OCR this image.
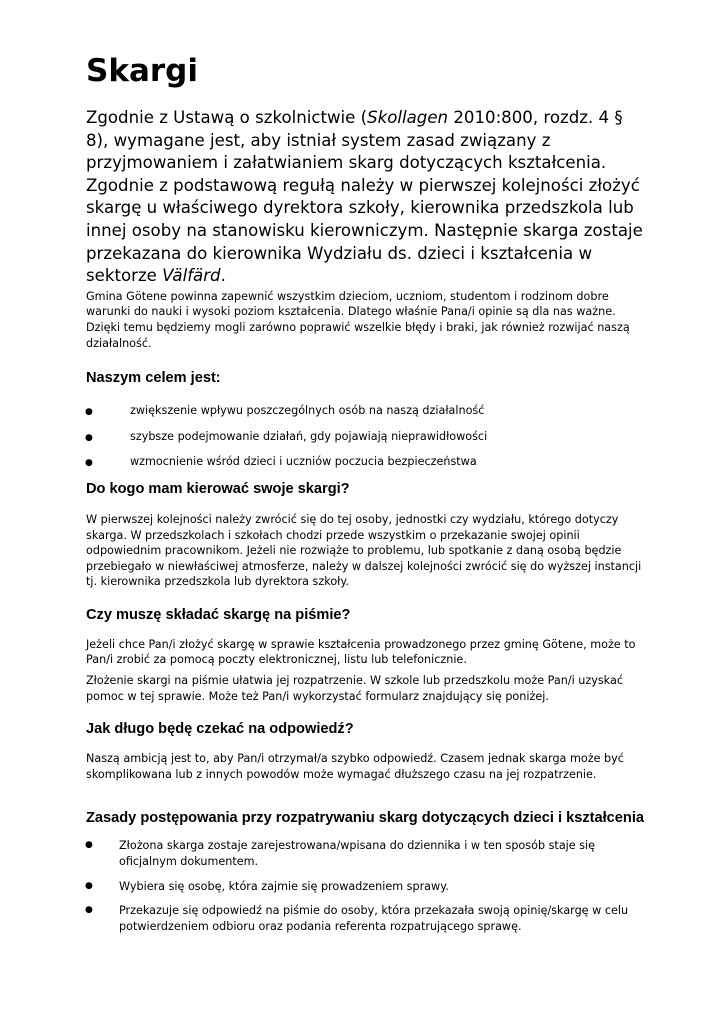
Skargi

Zgodnie z Ustawą o szkolnictwie (Skollagen 2010:800, rozdz. 4 § 8), wymagane jest, aby istniał system zasad związany z przyjmowaniem i załatwianiem skarg dotyczących kształcenia. Zgodnie z podstawową regułą należy w pierwszej kolejności złożyć skargę u właściwego dyrektora szkoły, kierownika przedszkola lub innej osoby na stanowisku kierowniczym. Następnie skarga zostaje przekazana do kierownika Wydziału ds. dzieci i kształcenia w sektorze Välfärd.

Gmina Götene powinna zapewnić wszystkim dzieciom, uczniom, studentom i rodzinom dobre warunki do nauki i wysoki poziom kształcenia. Dlatego właśnie Pana/i opinie są dla nas ważne. Dzięki temu będziemy mogli zarówno poprawić wszelkie błędy i braki, jak również rozwijać naszą działalność.

Naszym celem jest:
●	zwiększenie wpływu poszczególnych osób na naszą działalność
●	szybsze podejmowanie działań, gdy pojawiają nieprawidłowości
●	wzmocnienie wśród dzieci i uczniów poczucia bezpieczeństwa
Do kogo mam kierować swoje skargi?

W pierwszej kolejności należy zwrócić się do tej osoby, jednostki czy wydziału, którego dotyczy skarga. W przedszkolach i szkołach chodzi przede wszystkim o przekazanie swojej opinii odpowiednim pracownikom. Jeżeli nie rozwiąże to problemu, lub spotkanie z daną osobą będzie przebiegało w niewłaściwej atmosferze, należy w dalszej kolejności zwrócić się do wyższej instancji tj. kierownika przedszkola lub dyrektora szkoły.

Czy muszę składać skargę na piśmie?

Jeżeli chce Pan/i złożyć skargę w sprawie kształcenia prowadzonego przez gminę Götene, może to Pan/i zrobić za pomocą poczty elektronicznej, listu lub telefonicznie.

Złożenie skargi na piśmie ułatwia jej rozpatrzenie. W szkole lub przedszkolu może Pan/i uzyskać pomoc w tej sprawie. Może też Pan/i wykorzystać formularz znajdujący się poniżej.

Jak długo będę czekać na odpowiedź?

Naszą ambicją jest to, aby Pan/i otrzymał/a szybko odpowiedź. Czasem jednak skarga może być skomplikowana lub z innych powodów może wymagać dłuższego czasu na jej rozpatrzenie.

Zasady postępowania przy rozpatrywaniu skarg dotyczących dzieci i kształcenia
● Złożona skarga zostaje zarejestrowana/wpisana do dziennika i w ten sposób staje się oficjalnym dokumentem.
● Wybiera się osobę, która zajmie się prowadzeniem sprawy.
● Przekazuje się odpowiedź na piśmie do osoby, która przekazała swoją opinię/skargę w celu potwierdzeniem odbioru oraz podania referenta rozpatrującego sprawę.
